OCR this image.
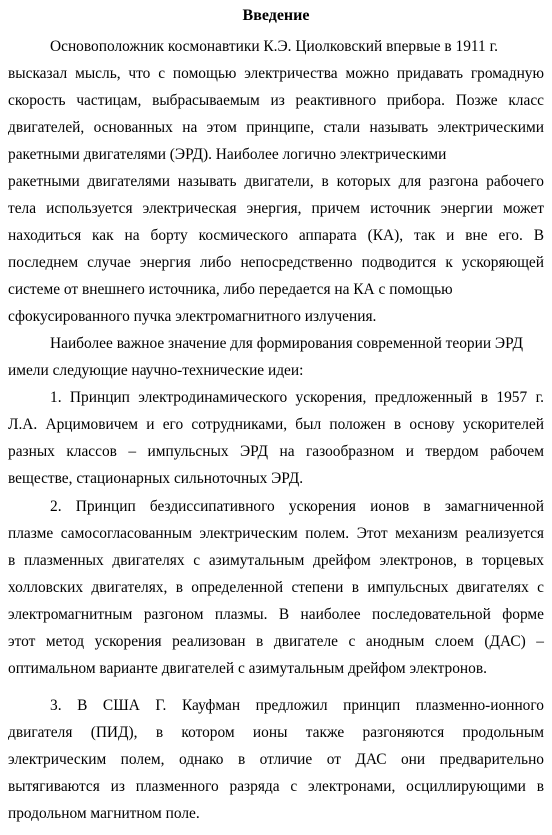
Введение

Основоположник космонавтики К.Э. Циолковский впервые в 1911 г.

высказал мысль, что с помощью электричества можно придавать громадную

скорость частицам, выбрасываемым из реактивного прибора. Позже класс

двигателей, основанных на этом принципе, стали называть электрическими

ракетными двигателями (ЭРД). Наиболее логично электрическими

ракетными двигателями называть двигатели, в которых для разгона рабочего

тела используется электрическая энергия, причем источник энергии может

находиться как на борту космического аппарата (КА), так и вне его. В

последнем случае энергия либо непосредственно подводится к ускоряющей

системе от внешнего источника, либо передается на КА с помощью

сфокусированного пучка электромагнитного излучения.

Наиболее важное значение для формирования современной теории ЭРД

имели следующие научно-технические идеи:

1. Принцип электродинамического ускорения, предложенный в 1957 г.

Л.А. Арцимовичем и его сотрудниками, был положен в основу ускорителей

разных классов – импульсных ЭРД на газообразном и твердом рабочем

веществе, стационарных сильноточных ЭРД.

2. Принцип бездиссипативного ускорения ионов в замагниченной

плазме самосогласованным электрическим полем. Этот механизм реализуется

в плазменных двигателях с азимутальным дрейфом электронов, в торцевых

холловских двигателях, в определенной степени в импульсных двигателях с

электромагнитным разгоном плазмы. В наиболее последовательной форме

этот метод ускорения реализован в двигателе с анодным слоем (ДАС) –

оптимальном варианте двигателей с азимутальным дрейфом электронов.

3. В США Г. Кауфман предложил принцип плазменно-ионного

двигателя (ПИД), в котором ионы также разгоняются продольным

электрическим полем, однако в отличие от ДАС они предварительно

вытягиваются из плазменного разряда с электронами, осциллирующими в

продольном магнитном поле.
